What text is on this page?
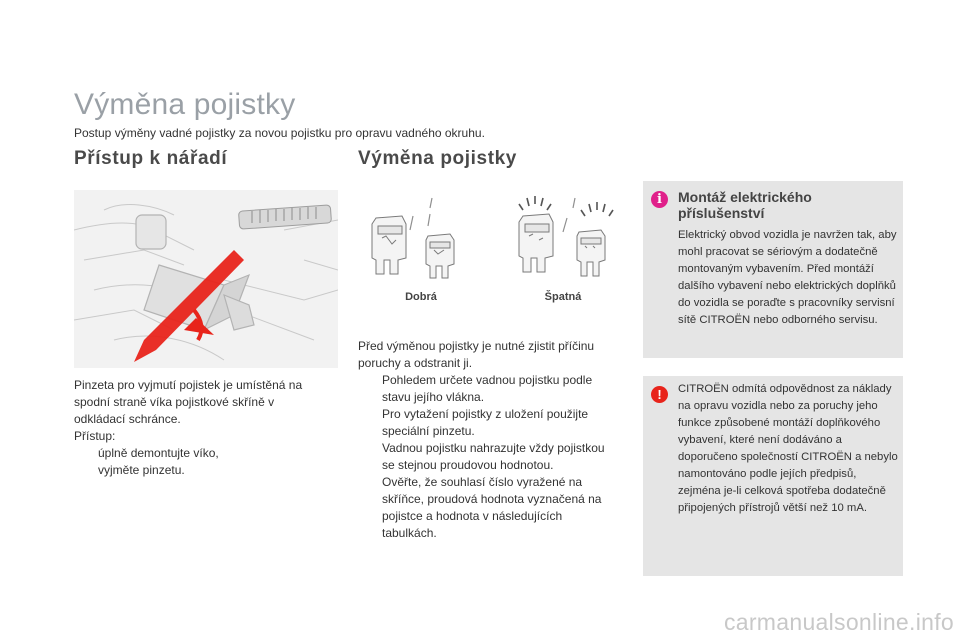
Výměna pojistky
Postup výměny vadné pojistky za novou pojistku pro opravu vadného okruhu.
Přístup k nářadí	Výměna pojistky
Pinzeta pro vyjmutí pojistek je umístěná na spodní straně víka pojistkové skříně v odkládací schránce.
Přístup:
úplně demontujte víko,
vyjměte pinzetu.
Dobrá	Špatná
Před výměnou pojistky je nutné zjistit příčinu poruchy a odstranit ji.
Pohledem určete vadnou pojistku podle stavu jejího vlákna.
Pro vytažení pojistky z uložení použijte speciální pinzetu.
Vadnou pojistku nahrazujte vždy pojistkou se stejnou proudovou hodnotou.
Ověřte, že souhlasí číslo vyražené na skříňce, proudová hodnota vyznačená na pojistce a hodnota v následujících tabulkách.
i	Montáž elektrického příslušenství
Elektrický obvod vozidla je navržen tak, aby mohl pracovat se sériovým a dodatečně montovaným vybavením. Před montáží dalšího vybavení nebo elektrických doplňků do vozidla se poraďte s pracovníky servisní sítě CITROËN nebo odborného servisu.
!	CITROËN odmítá odpovědnost za náklady na opravu vozidla nebo za poruchy jeho funkce způsobené montáží doplňkového vybavení, které není dodáváno a doporučeno společností CITROËN a nebylo namontováno podle jejích předpisů, zejména je-li celková spotřeba dodatečně připojených přístrojů větší než 10 mA.
carmanualsonline.info
